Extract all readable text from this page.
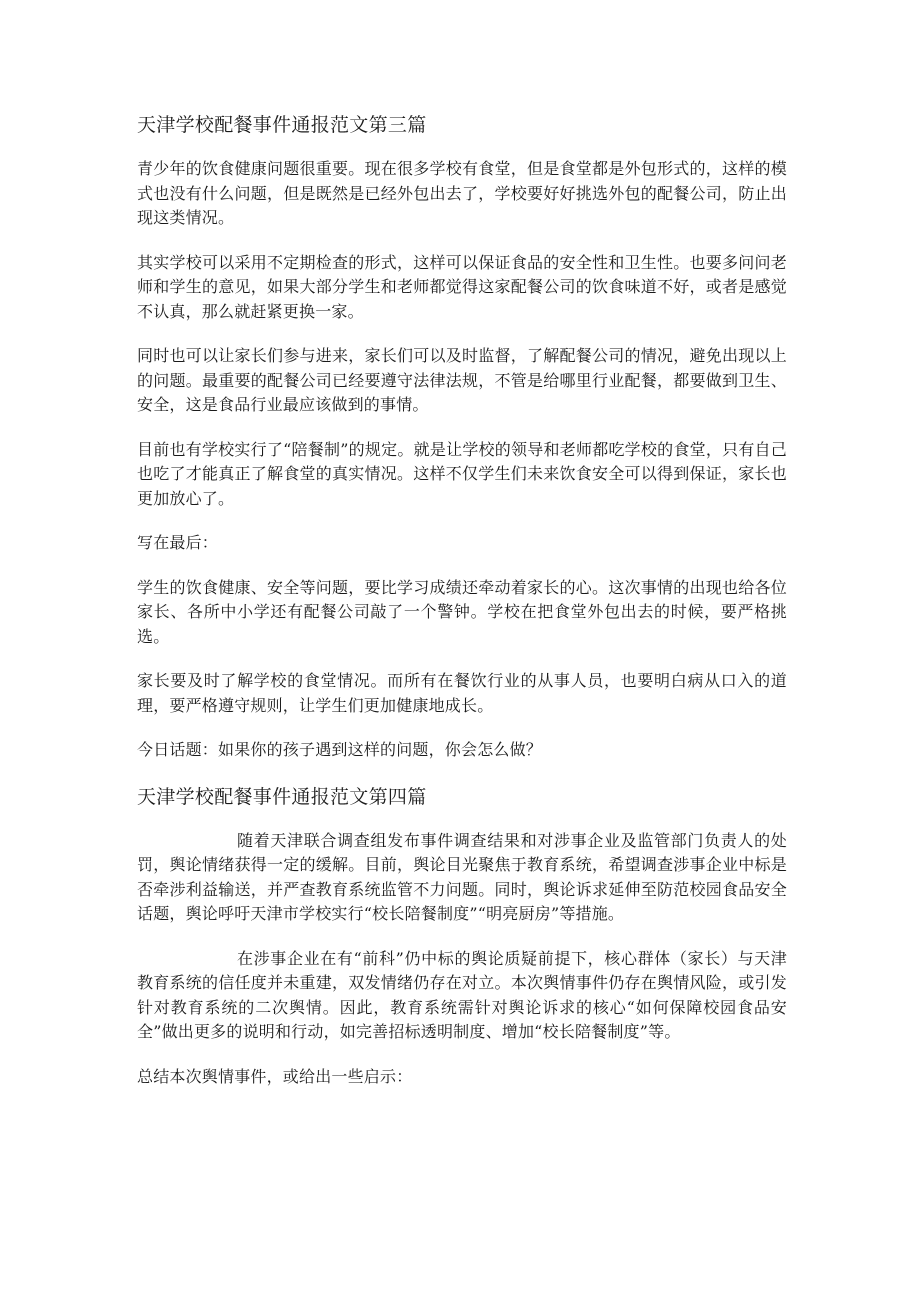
天津学校配餐事件通报范文第三篇

青少年的饮食健康问题很重要。现在很多学校有食堂，但是食堂都是外包形式的，这样的模式也没有什么问题，但是既然是已经外包出去了，学校要好好挑选外包的配餐公司，防止出现这类情况。

其实学校可以采用不定期检查的形式，这样可以保证食品的安全性和卫生性。也要多问问老师和学生的意见，如果大部分学生和老师都觉得这家配餐公司的饮食味道不好，或者是感觉不认真，那么就赶紧更换一家。

同时也可以让家长们参与进来，家长们可以及时监督，了解配餐公司的情况，避免出现以上的问题。最重要的配餐公司已经要遵守法律法规，不管是给哪里行业配餐，都要做到卫生、安全，这是食品行业最应该做到的事情。

目前也有学校实行了“陪餐制”的规定。就是让学校的领导和老师都吃学校的食堂，只有自己也吃了才能真正了解食堂的真实情况。这样不仅学生们未来饮食安全可以得到保证，家长也更加放心了。

写在最后：

学生的饮食健康、安全等问题，要比学习成绩还牵动着家长的心。这次事情的出现也给各位家长、各所中小学还有配餐公司敲了一个警钟。学校在把食堂外包出去的时候，要严格挑选。

家长要及时了解学校的食堂情况。而所有在餐饮行业的从事人员，也要明白病从口入的道理，要严格遵守规则，让学生们更加健康地成长。

今日话题：如果你的孩子遇到这样的问题，你会怎么做？

天津学校配餐事件通报范文第四篇

随着天津联合调查组发布事件调查结果和对涉事企业及监管部门负责人的处罚，舆论情绪获得一定的缓解。目前，舆论目光聚焦于教育系统，希望调查涉事企业中标是否牵涉利益输送，并严查教育系统监管不力问题。同时，舆论诉求延伸至防范校园食品安全话题，舆论呼吁天津市学校实行“校长陪餐制度”“明亮厨房”等措施。

在涉事企业在有“前科”仍中标的舆论质疑前提下，核心群体（家长）与天津教育系统的信任度并未重建，双发情绪仍存在对立。本次舆情事件仍存在舆情风险，或引发针对教育系统的二次舆情。因此，教育系统需针对舆论诉求的核心“如何保障校园食品安全”做出更多的说明和行动，如完善招标透明制度、增加“校长陪餐制度”等。

总结本次舆情事件，或给出一些启示：
